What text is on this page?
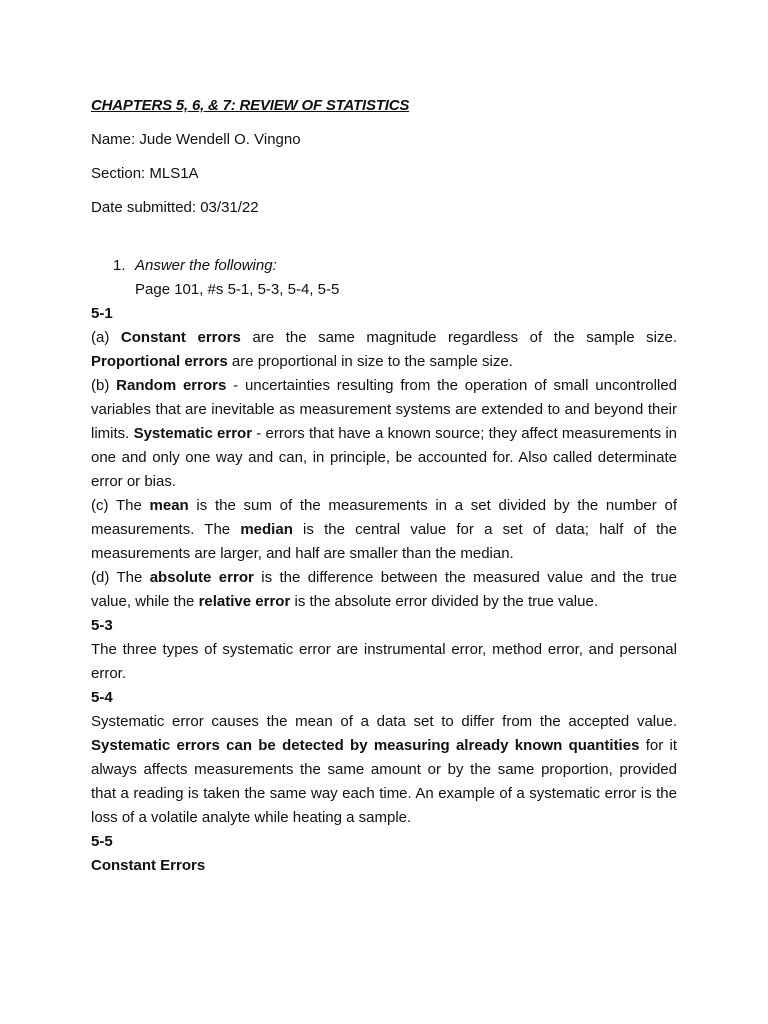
CHAPTERS 5, 6, & 7: REVIEW OF STATISTICS
Name: Jude Wendell O. Vingno
Section: MLS1A
Date submitted: 03/31/22
1. Answer the following:
Page 101, #s 5-1, 5-3, 5-4, 5-5
5-1
(a) Constant errors are the same magnitude regardless of the sample size. Proportional errors are proportional in size to the sample size.
(b) Random errors - uncertainties resulting from the operation of small uncontrolled variables that are inevitable as measurement systems are extended to and beyond their limits. Systematic error - errors that have a known source; they affect measurements in one and only one way and can, in principle, be accounted for. Also called determinate error or bias.
(c) The mean is the sum of the measurements in a set divided by the number of measurements. The median is the central value for a set of data; half of the measurements are larger, and half are smaller than the median.
(d) The absolute error is the difference between the measured value and the true value, while the relative error is the absolute error divided by the true value.
5-3
The three types of systematic error are instrumental error, method error, and personal error.
5-4
Systematic error causes the mean of a data set to differ from the accepted value. Systematic errors can be detected by measuring already known quantities for it always affects measurements the same amount or by the same proportion, provided that a reading is taken the same way each time. An example of a systematic error is the loss of a volatile analyte while heating a sample.
5-5
Constant Errors
